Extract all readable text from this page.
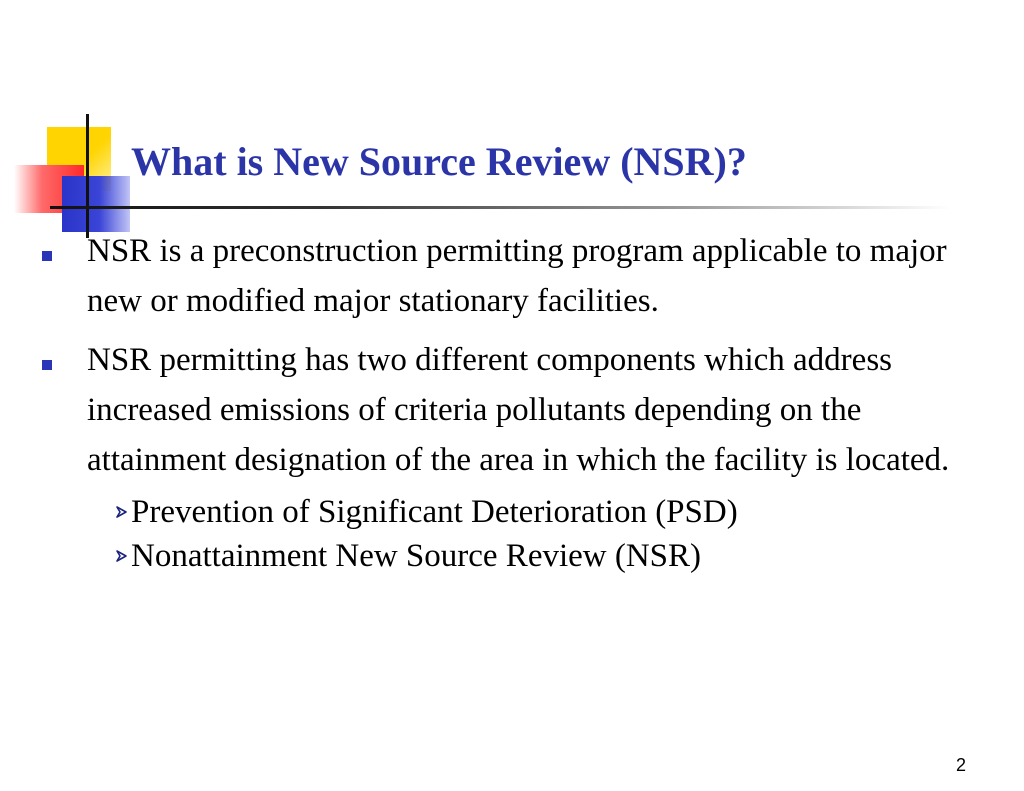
What is New Source Review (NSR)?
NSR is a preconstruction permitting program applicable to major new or modified major stationary facilities.
NSR permitting has two different components which address increased emissions of criteria pollutants depending on the attainment designation of the area in which the facility is located.
Prevention of Significant Deterioration (PSD)
Nonattainment New Source Review (NSR)
2
